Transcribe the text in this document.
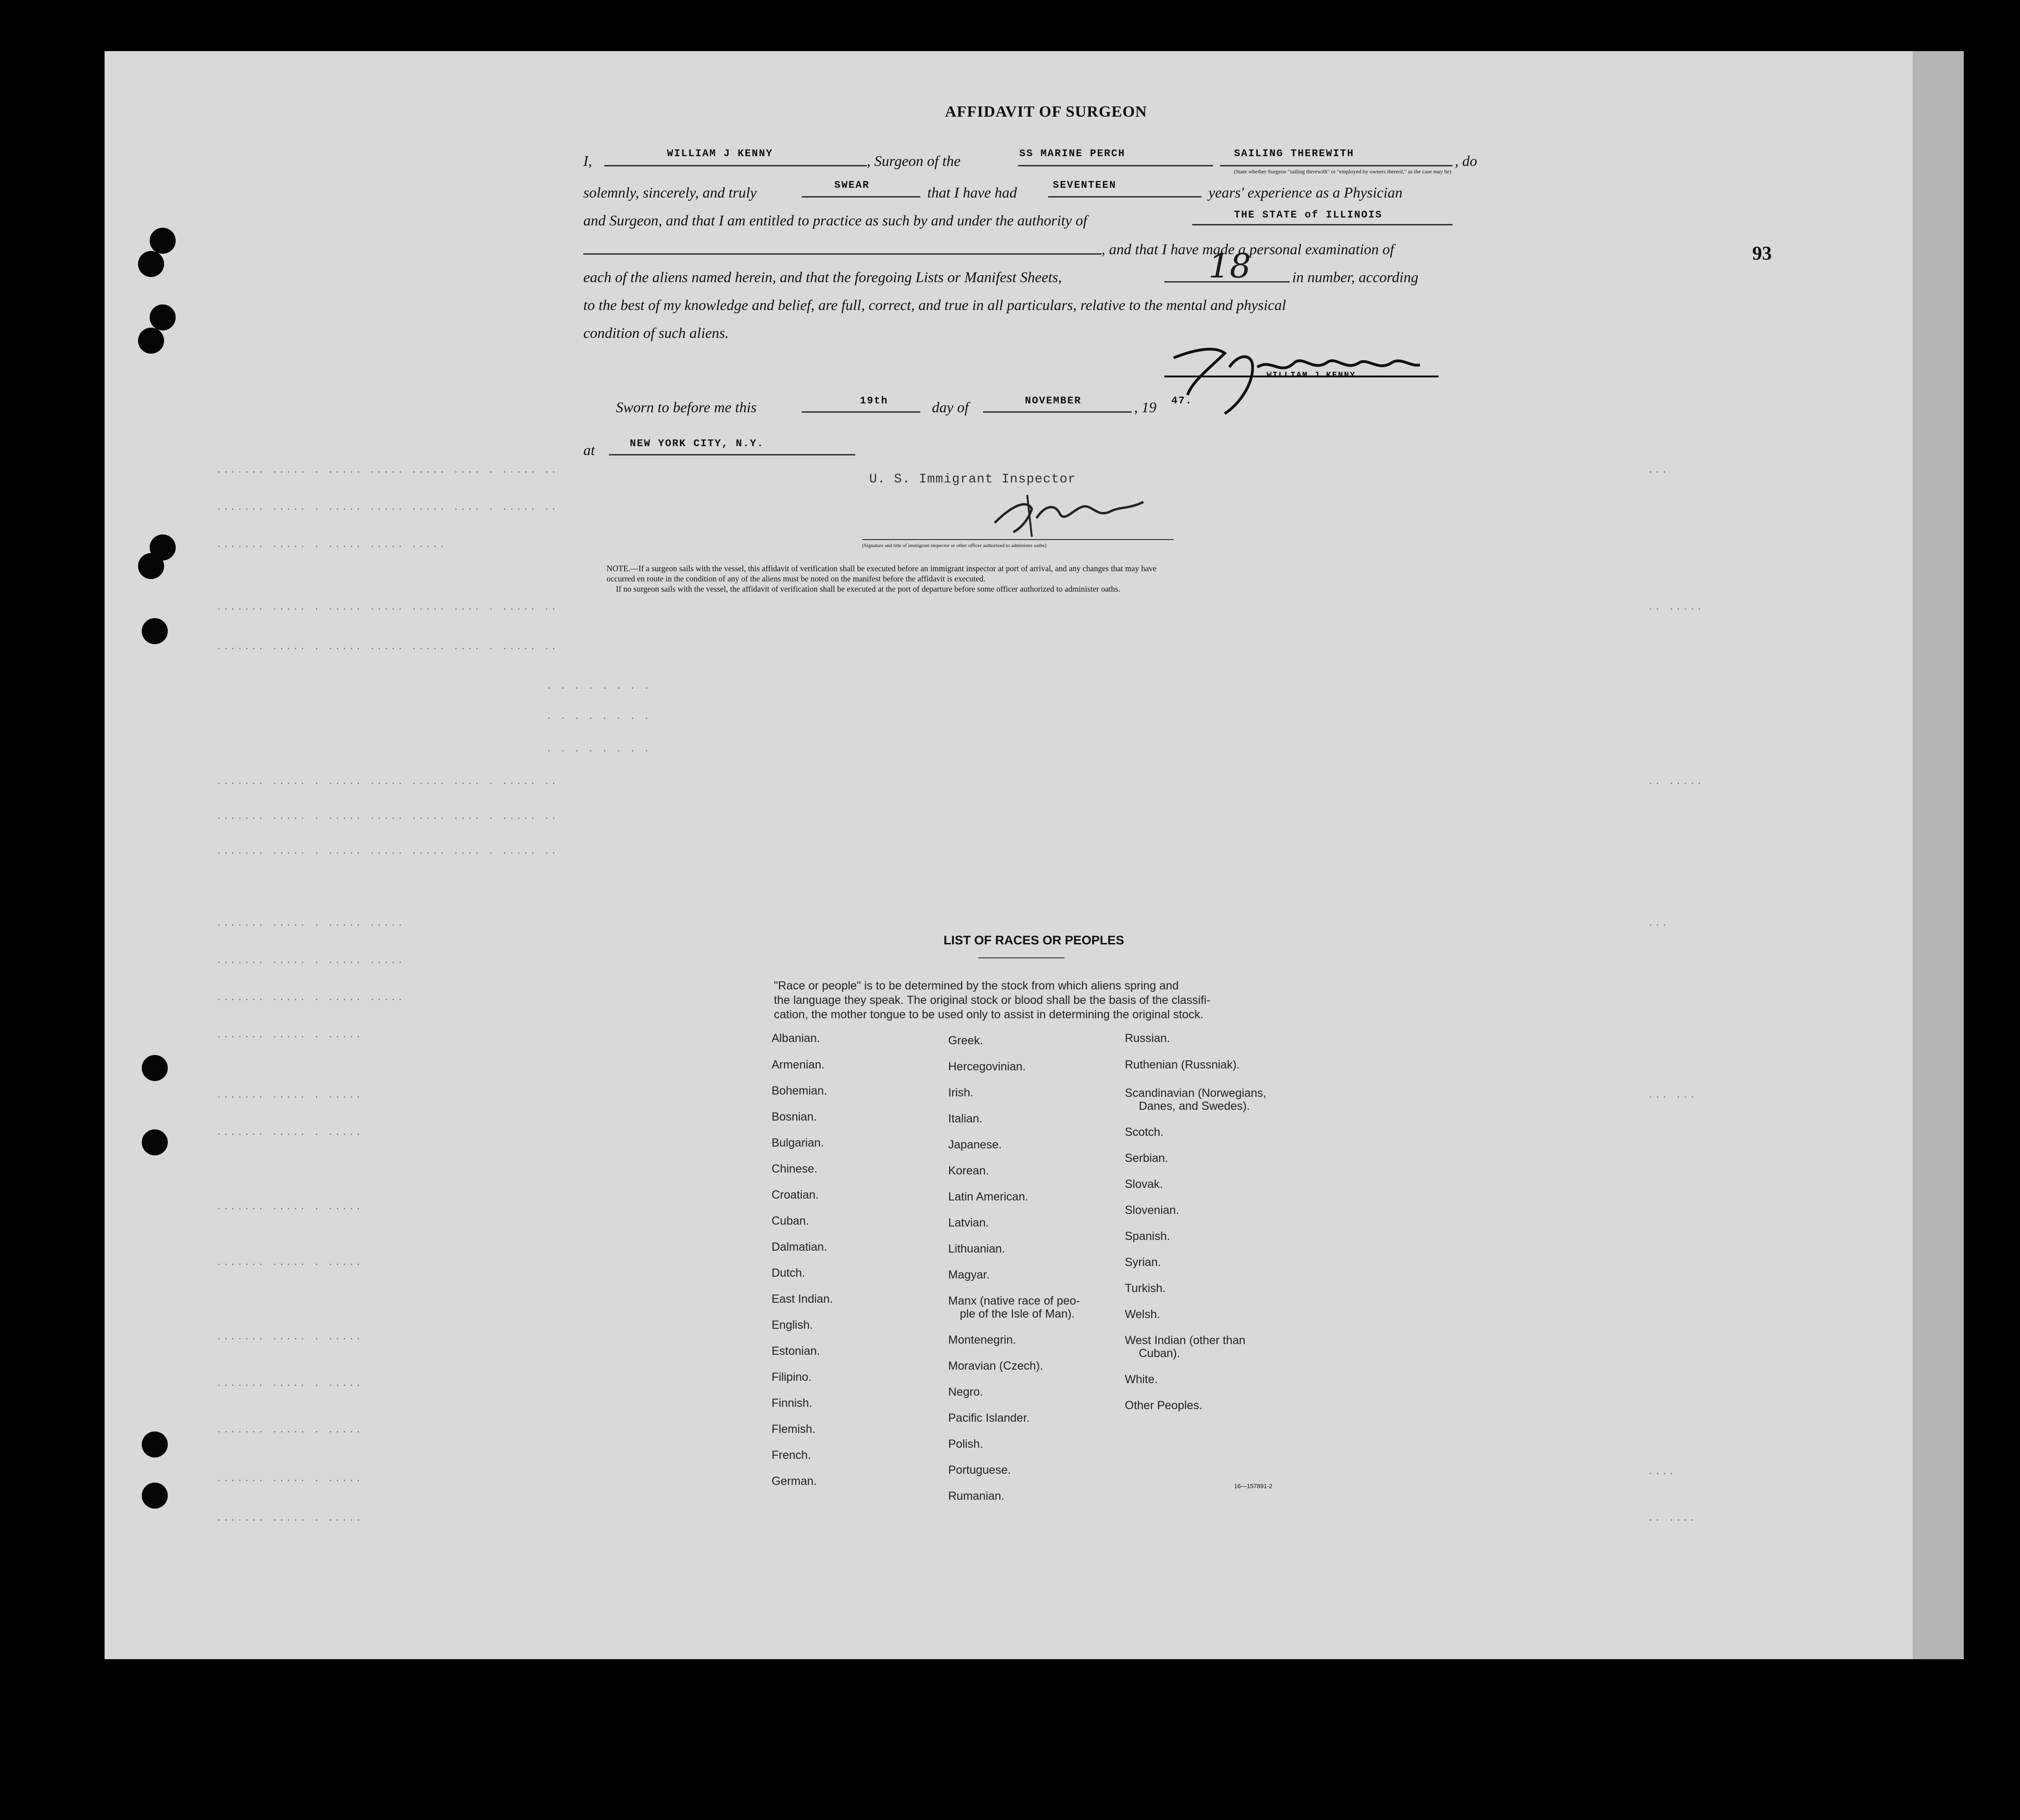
······· ····· · ····· ····· ····· ···· · ····· ··
······· ····· · ····· ····· ····· ···· · ····· ··
······· ····· · ····· ····· ·····
······· ····· · ····· ····· ····· ···· · ····· ··
······· ····· · ····· ····· ····· ···· · ····· ··
· · · · · · · ·
· · · · · · · ·
· · · · · · · ·
······· ····· · ····· ····· ····· ···· · ····· ··
······· ····· · ····· ····· ····· ···· · ····· ··
······· ····· · ····· ····· ····· ···· · ····· ··
······· ····· · ····· ·····
······· ····· · ····· ·····
······· ····· · ····· ·····
······· ····· · ·····
······· ····· · ·····
······· ····· · ·····
······· ····· · ·····
······· ····· · ·····
······· ····· · ·····
······· ····· · ·····
······· ····· · ·····
······· ····· · ·····
······· ····· · ·····
···
·· ·····
·· ·····
···
··· ···
····
·· ····
93
AFFIDAVIT OF SURGEON
I,	WILLIAM J KENNY	, Surgeon of the	SS MARINE PERCH	SAILING THEREWITH	, do
(State whether Surgeon "sailing therewith" or "employed by owners thereof," as the case may be)
solemnly, sincerely, and truly	SWEAR	that I have had	SEVENTEEN	years' experience as a Physician
and Surgeon, and that I am entitled to practice as such by and under the authority of	THE STATE of ILLINOIS
, and that I have made a personal examination of
each of the aliens named herein, and that the foregoing Lists or Manifest Sheets,	18	in number, according
to the best of my knowledge and belief, are full, correct, and true in all particulars, relative to the mental and physical
condition of such aliens.
WILLIAM J KENNY
Sworn to before me this	19th	day of	NOVEMBER	, 19 47.
at	NEW YORK CITY, N.Y.
U. S. Immigrant Inspector
(Signature and title of immigrant inspector or other officer authorized to administer oaths)
NOTE.—If a surgeon sails with the vessel, this affidavit of verification shall be executed before an immigrant inspector at port of arrival, and any changes that may have
occurred en route in the condition of any of the aliens must be noted on the manifest before the affidavit is executed.
If no surgeon sails with the vessel, the affidavit of verification shall be executed at the port of departure before some officer authorized to administer oaths.
LIST OF RACES OR PEOPLES
"Race or people" is to be determined by the stock from which aliens spring and
the language they speak. The original stock or blood shall be the basis of the classifi-
cation, the mother tongue to be used only to assist in determining the original stock.
Albanian.
Armenian.
Bohemian.
Bosnian.
Bulgarian.
Chinese.
Croatian.
Cuban.
Dalmatian.
Dutch.
East Indian.
English.
Estonian.
Filipino.
Finnish.
Flemish.
French.
German.
Greek.
Hercegovinian.
Irish.
Italian.
Japanese.
Korean.
Latin American.
Latvian.
Lithuanian.
Magyar.
Manx (native race of peo-
ple of the Isle of Man).
Montenegrin.
Moravian (Czech).
Negro.
Pacific Islander.
Polish.
Portuguese.
Rumanian.
Russian.
Ruthenian (Russniak).
Scandinavian (Norwegians,
Danes, and Swedes).
Scotch.
Serbian.
Slovak.
Slovenian.
Spanish.
Syrian.
Turkish.
Welsh.
West Indian (other than
Cuban).
White.
Other Peoples.
16—157891-2
